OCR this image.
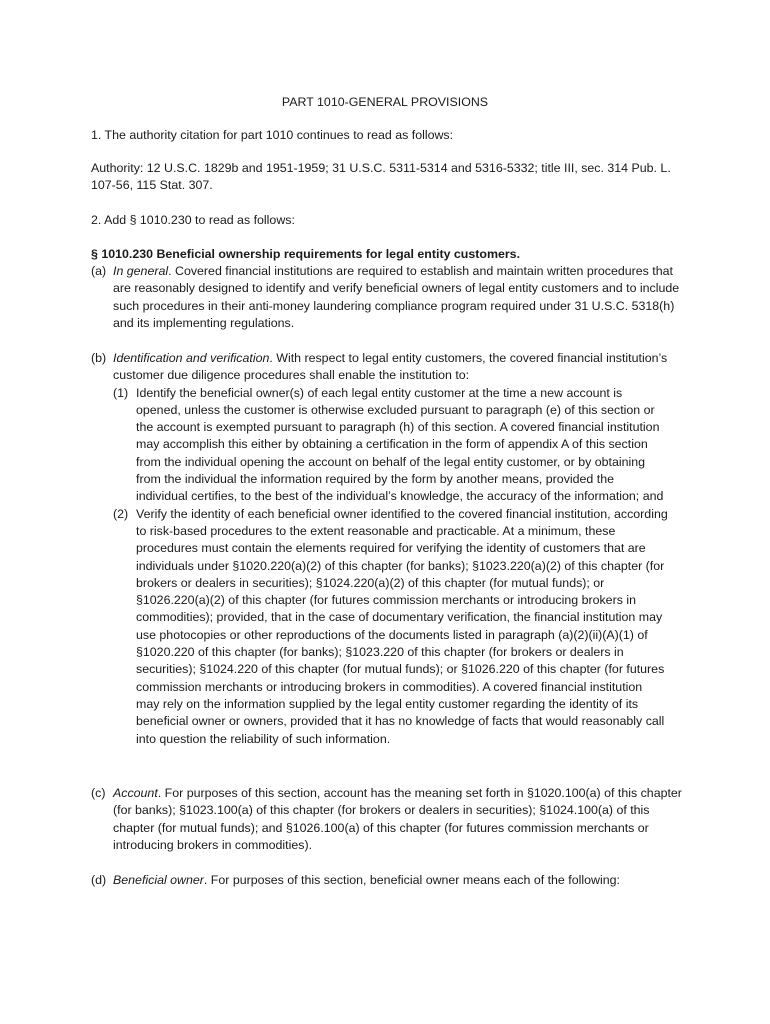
PART 1010-GENERAL PROVISIONS

1. The authority citation for part 1010 continues to read as follows:

Authority: 12 U.S.C. 1829b and 1951-1959; 31 U.S.C. 5311-5314 and 5316-5332; title III, sec. 314 Pub. L. 107-56, 115 Stat. 307.

2. Add § 1010.230 to read as follows:

§ 1010.230 Beneficial ownership requirements for legal entity customers.

(a) In general. Covered financial institutions are required to establish and maintain written procedures that are reasonably designed to identify and verify beneficial owners of legal entity customers and to include such procedures in their anti-money laundering compliance program required under 31 U.S.C. 5318(h) and its implementing regulations.
(b) Identification and verification. With respect to legal entity customers, the covered financial institution’s customer due diligence procedures shall enable the institution to:
(1) Identify the beneficial owner(s) of each legal entity customer at the time a new account is opened, unless the customer is otherwise excluded pursuant to paragraph (e) of this section or the account is exempted pursuant to paragraph (h) of this section. A covered financial institution may accomplish this either by obtaining a certification in the form of appendix A of this section from the individual opening the account on behalf of the legal entity customer, or by obtaining from the individual the information required by the form by another means, provided the individual certifies, to the best of the individual’s knowledge, the accuracy of the information; and
(2) Verify the identity of each beneficial owner identified to the covered financial institution, according to risk-based procedures to the extent reasonable and practicable. At a minimum, these procedures must contain the elements required for verifying the identity of customers that are individuals under §1020.220(a)(2) of this chapter (for banks); §1023.220(a)(2) of this chapter (for brokers or dealers in securities); §1024.220(a)(2) of this chapter (for mutual funds); or §1026.220(a)(2) of this chapter (for futures commission merchants or introducing brokers in commodities); provided, that in the case of documentary verification, the financial institution may use photocopies or other reproductions of the documents listed in paragraph (a)(2)(ii)(A)(1) of §1020.220 of this chapter (for banks); §1023.220 of this chapter (for brokers or dealers in securities); §1024.220 of this chapter (for mutual funds); or §1026.220 of this chapter (for futures commission merchants or introducing brokers in commodities). A covered financial institution may rely on the information supplied by the legal entity customer regarding the identity of its beneficial owner or owners, provided that it has no knowledge of facts that would reasonably call into question the reliability of such information.
(c) Account. For purposes of this section, account has the meaning set forth in §1020.100(a) of this chapter (for banks); §1023.100(a) of this chapter (for brokers or dealers in securities); §1024.100(a) of this chapter (for mutual funds); and §1026.100(a) of this chapter (for futures commission merchants or introducing brokers in commodities).
(d) Beneficial owner. For purposes of this section, beneficial owner means each of the following:
